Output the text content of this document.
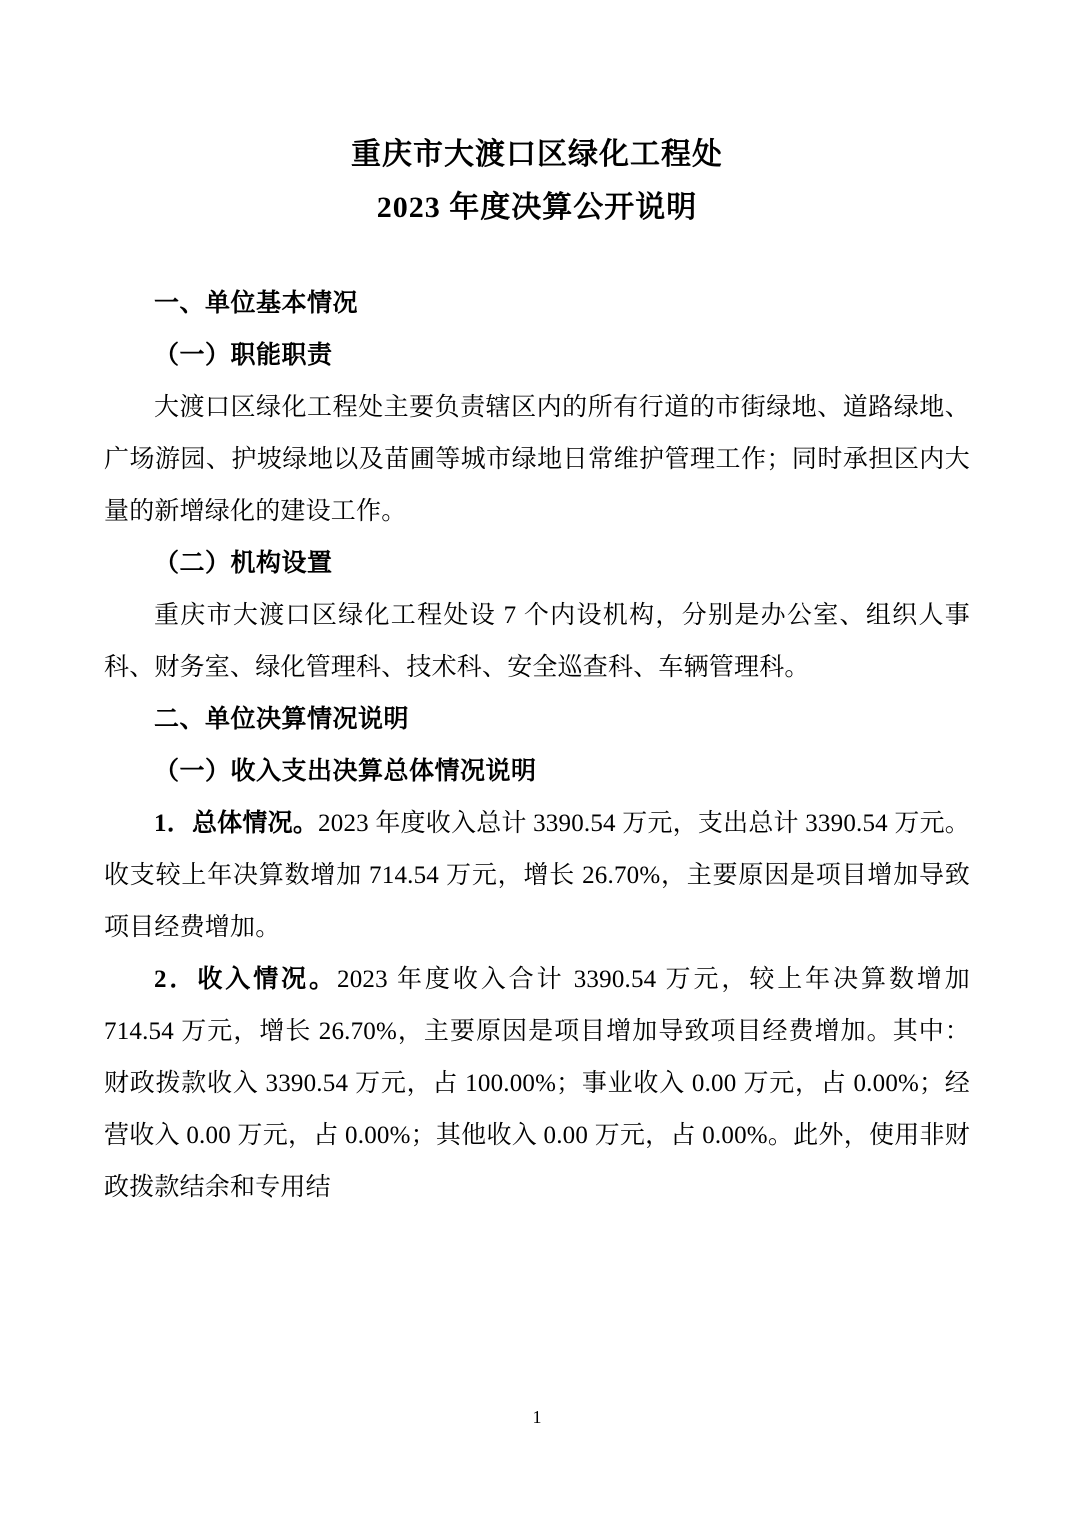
重庆市大渡口区绿化工程处
2023 年度决算公开说明
一、单位基本情况
（一）职能职责

大渡口区绿化工程处主要负责辖区内的所有行道的市街绿地、道路绿地、广场游园、护坡绿地以及苗圃等城市绿地日常维护管理工作；同时承担区内大量的新增绿化的建设工作。

（二）机构设置

重庆市大渡口区绿化工程处设 7 个内设机构，分别是办公室、组织人事科、财务室、绿化管理科、技术科、安全巡查科、车辆管理科。

二、单位决算情况说明
（一）收入支出决算总体情况说明

1．总体情况。2023 年度收入总计 3390.54 万元，支出总计 3390.54 万元。收支较上年决算数增加 714.54 万元，增长 26.70%，主要原因是项目增加导致项目经费增加。

2．收入情况。2023 年度收入合计 3390.54 万元，较上年决算数增加 714.54 万元，增长 26.70%，主要原因是项目增加导致项目经费增加。其中：财政拨款收入 3390.54 万元，占 100.00%；事业收入 0.00 万元，占 0.00%；经营收入 0.00 万元，占 0.00%；其他收入 0.00 万元，占 0.00%。此外，使用非财政拨款结余和专用结

1
